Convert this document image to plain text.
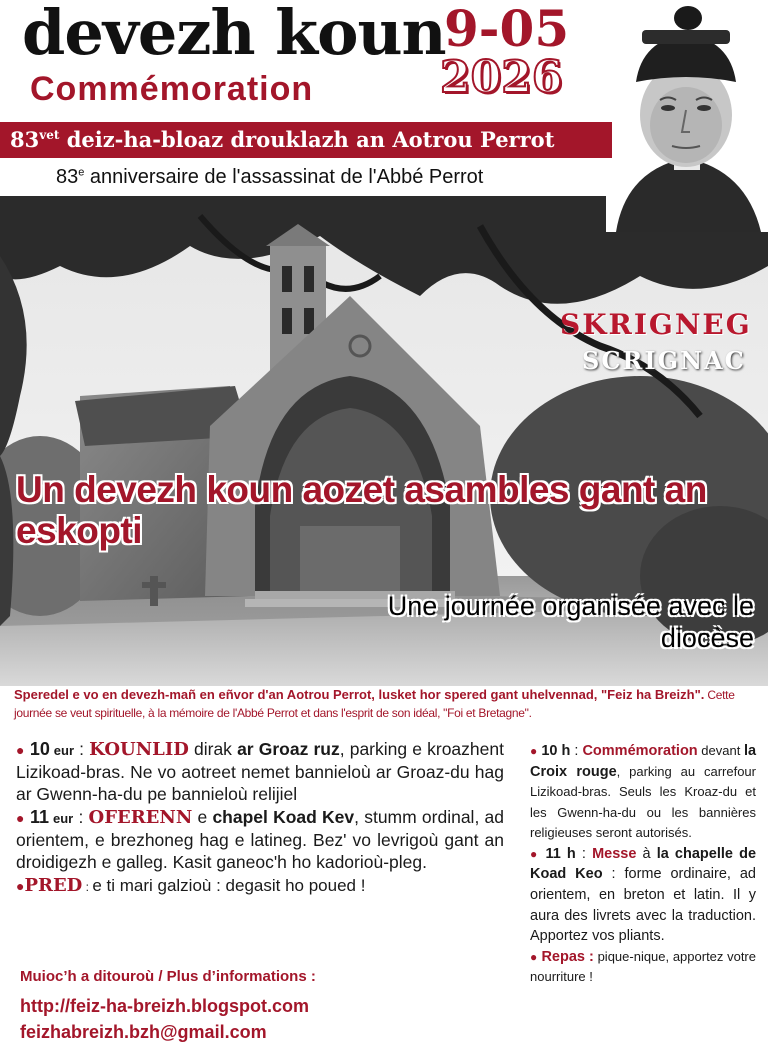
devezh koun
Commémoration
9-05
2026
$83^{vet}$ deiz-ha-bloaz drouklazh an Aotrou Perrot
83e anniversaire de l'assassinat de l'Abbé Perrot
SKRIGNEG
SCRIGNAC
Un devezh koun aozet asambles gant an eskopti
Une journée organisée avec le diocèse
Speredel e vo en devezh-mañ en eñvor d'an Aotrou Perrot, lusket hor spered gant uhelvennad, "Feiz ha Breizh". Cette journée se veut spirituelle, à la mémoire de l'Abbé Perrot et dans l'esprit de son idéal, "Foi et Bretagne".
● 10 eur : KOUNLID dirak ar Groaz ruz, parking e kroazhent Lizikoad-bras. Ne vo aotreet nemet bannieloù ar Groaz-du hag ar Gwenn-ha-du pe bannieloù relijiel
● 11 eur : OFERENN e chapel Koad Kev, stumm ordinal, ad orientem, e brezhoneg hag e latineg. Bez' vo levrigoù gant an droidigezh e galleg. Kasit ganeoc'h ho kadorioù-pleg.
●PRED : e ti mari galzioù : degasit ho poued !
Muioc’h a ditouroù / Plus d’informations :
http://feiz-ha-breizh.blogspot.com
feizhabreizh.bzh@gmail.com
● 10 h : Commémoration devant la Croix rouge, parking au carrefour Lizikoad-bras. Seuls les Kroaz-du et les Gwenn-ha-du ou les bannières religieuses seront autorisés.
● 11 h : Messe à la chapelle de Koad Keo : forme ordinaire, ad orientem, en breton et latin. Il y aura des livrets avec la traduction. Apportez vos pliants.
● Repas : pique-nique, apportez votre nourriture !
